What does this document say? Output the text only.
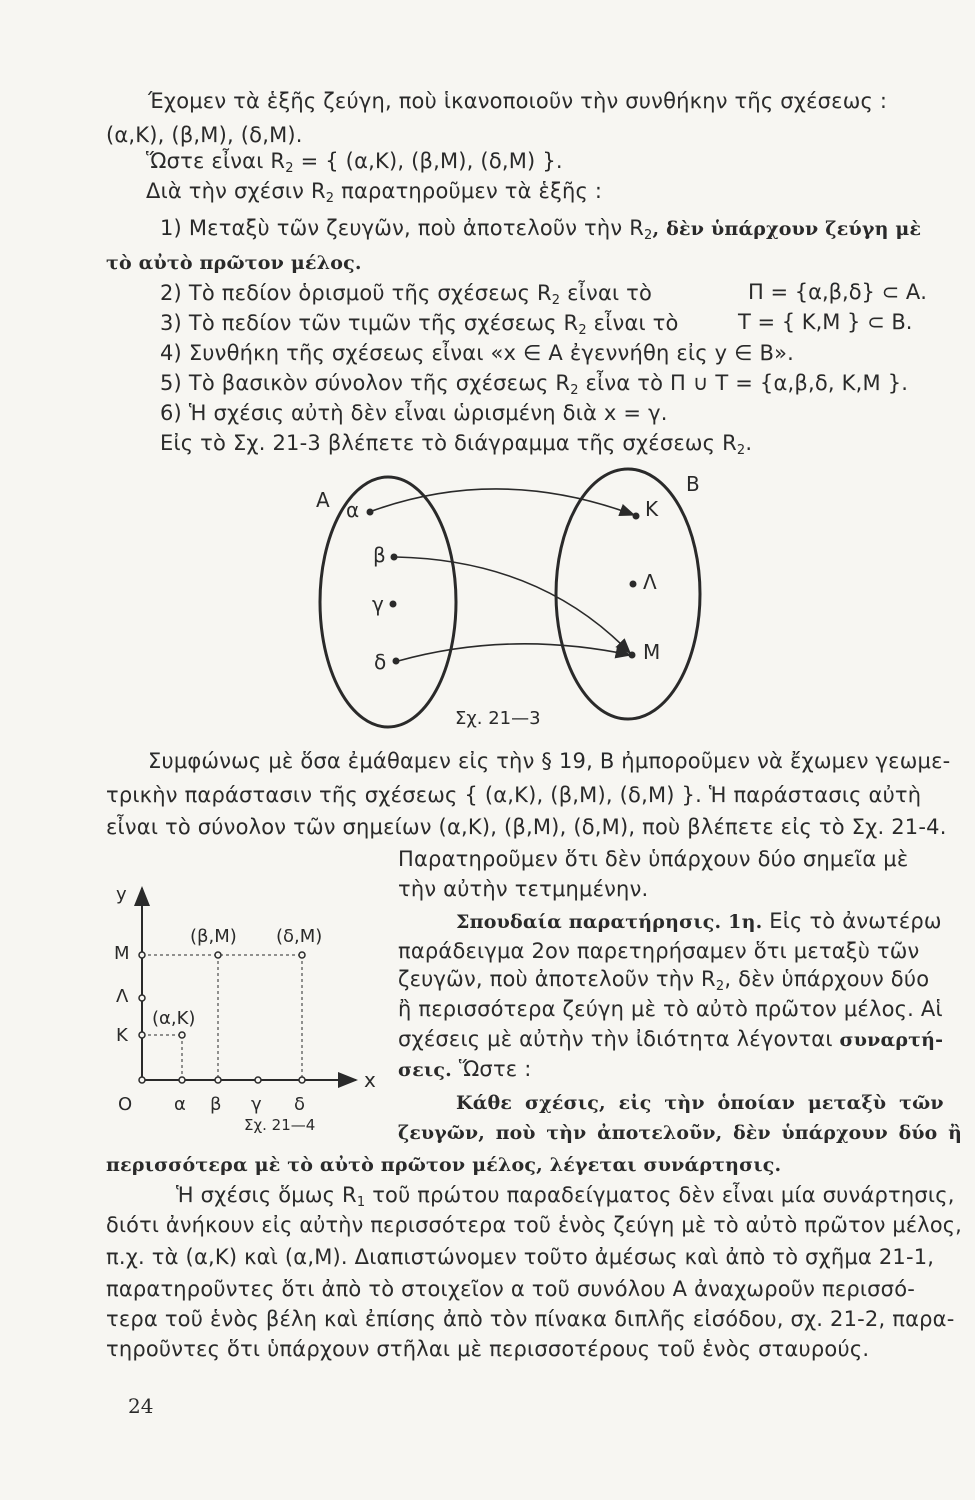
Έχομεν τὰ ἑξῆς ζεύγη, ποὺ ἱκανοποιοῦν τὴν συνθήκην τῆς σχέσεως :
(α,Κ), (β,Μ), (δ,Μ).
Ὥστε εἶναι $R_2$ = { (α,Κ), (β,Μ), (δ,Μ) }.
Διὰ τὴν σχέσιν $R_2$ παρατηροῦμεν τὰ ἑξῆς :
1) Μεταξὺ τῶν ζευγῶν, ποὺ ἀποτελοῦν τὴν $R_2$, δὲν ὑπάρχουν ζεύγη μὲ
τὸ αὐτὸ πρῶτον μέλος.
2) Τὸ πεδίον ὁρισμοῦ τῆς σχέσεως $R_2$ εἶναι τὸ	Π = {α,β,δ} ⊂ Α.
3) Τὸ πεδίον τῶν τιμῶν τῆς σχέσεως $R_2$ εἶναι τὸ	Τ = { Κ,Μ } ⊂ Β.
4) Συνθήκη τῆς σχέσεως εἶναι «x ∈ Α ἐγεννήθη εἰς y ∈ Β».
5) Τὸ βασικὸν σύνολον τῆς σχέσεως $R_2$ εἶνα τὸ Π ∪ Τ = {α,β,δ, Κ,Μ }.
6) Ἡ σχέσις αὐτὴ δὲν εἶναι ὡρισμένη διὰ x = γ.
Εἰς τὸ Σχ. 21-3 βλέπετε τὸ διάγραμμα τῆς σχέσεως $R_2$.
Α
Β
α
β
γ
δ
Κ
Λ
Μ
Σχ. 21—3
Συμφώνως μὲ ὅσα ἐμάθαμεν εἰς τὴν § 19, Β ἠμποροῦμεν νὰ ἔχωμεν γεωμε-
τρικὴν παράστασιν τῆς σχέσεως { (α,Κ), (β,Μ), (δ,Μ) }. Ἡ παράστασις αὐτὴ
εἶναι τὸ σύνολον τῶν σημείων (α,Κ), (β,Μ), (δ,Μ), ποὺ βλέπετε εἰς τὸ Σχ. 21-4.
Παρατηροῦμεν ὅτι δὲν ὑπάρχουν δύο σημεῖα μὲ
τὴν αὐτὴν τετμημένην.
Σπουδαία παρατήρησις. 1η. Εἰς τὸ ἀνωτέρω
παράδειγμα 2ον παρετηρήσαμεν ὅτι μεταξὺ τῶν
ζευγῶν, ποὺ ἀποτελοῦν τὴν $R_2$, δὲν ὑπάρχουν δύο
ἢ περισσότερα ζεύγη μὲ τὸ αὐτὸ πρῶτον μέλος. Αἱ
σχέσεις μὲ αὐτὴν τὴν ἰδιότητα λέγονται συναρτή-
σεις. Ὥστε :
Κάθε σχέσις, εἰς τὴν ὁποίαν μεταξὺ τῶν
ζευγῶν, ποὺ τὴν ἀποτελοῦν, δὲν ὑπάρχουν δύο ἢ
περισσότερα μὲ τὸ αὐτὸ πρῶτον μέλος, λέγεται συνάρτησις.
y
x
O
Μ
Λ
Κ
α β γ δ
(β,Μ) (δ,Μ)
(α,Κ)
Σχ. 21—4
Ἡ σχέσις ὅμως $R_1$ τοῦ πρώτου παραδείγματος δὲν εἶναι μία συνάρτησις,
διότι ἀνήκουν εἰς αὐτὴν περισσότερα τοῦ ἑνὸς ζεύγη μὲ τὸ αὐτὸ πρῶτον μέλος,
π.χ. τὰ (α,Κ) καὶ (α,Μ). Διαπιστώνομεν τοῦτο ἀμέσως καὶ ἀπὸ τὸ σχῆμα 21-1,
παρατηροῦντες ὅτι ἀπὸ τὸ στοιχεῖον α τοῦ συνόλου Α ἀναχωροῦν περισσό-
τερα τοῦ ἑνὸς βέλη καὶ ἐπίσης ἀπὸ τὸν πίνακα διπλῆς εἰσόδου, σχ. 21-2, παρα-
τηροῦντες ὅτι ὑπάρχουν στῆλαι μὲ περισσοτέρους τοῦ ἑνὸς σταυρούς.
24
